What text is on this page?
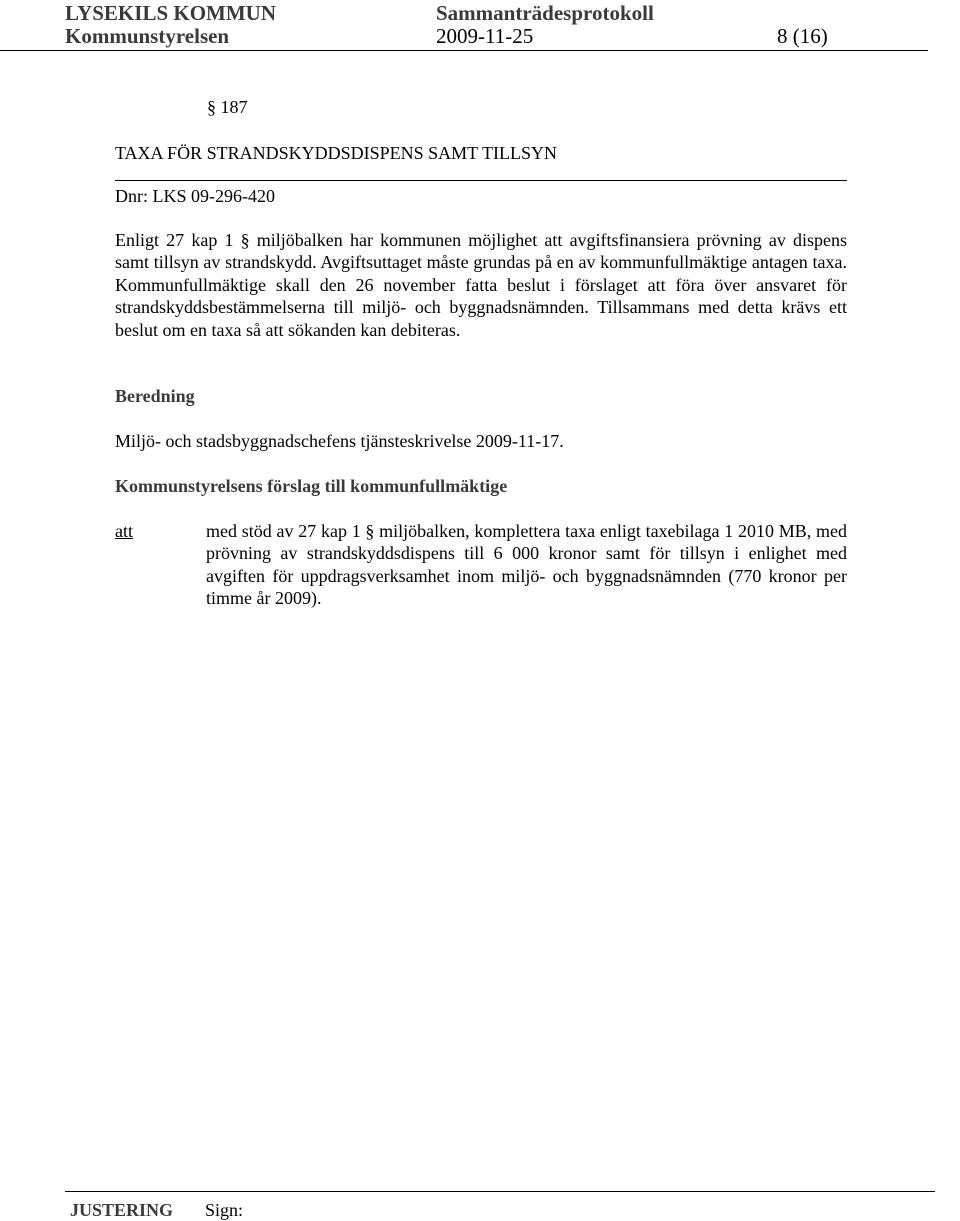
LYSEKILS KOMMUN	Sammanträdesprotokoll
Kommunstyrelsen	2009-11-25	8 (16)
§ 187
TAXA FÖR STRANDSKYDDSDISPENS SAMT TILLSYN
Dnr: LKS 09-296-420
Enligt 27 kap 1 § miljöbalken har kommunen möjlighet att avgiftsfinansiera prövning av dispens samt tillsyn av strandskydd. Avgiftsuttaget måste grundas på en av kommunfullmäktige antagen taxa. Kommunfullmäktige skall den 26 november fatta beslut i förslaget att föra över ansvaret för strandskyddsbestämmelserna till miljö- och byggnadsnämnden. Tillsammans med detta krävs ett beslut om en taxa så att sökanden kan debiteras.
Beredning
Miljö- och stadsbyggnadschefens tjänsteskrivelse 2009-11-17.
Kommunstyrelsens förslag till kommunfullmäktige
att	med stöd av 27 kap 1 § miljöbalken, komplettera taxa enligt taxebilaga 1 2010 MB, med prövning av strandskyddsdispens till 6 000 kronor samt för tillsyn i enlighet med avgiften för uppdragsverksamhet inom miljö- och byggnadsnämnden (770 kronor per timme år 2009).
JUSTERING Sign:
